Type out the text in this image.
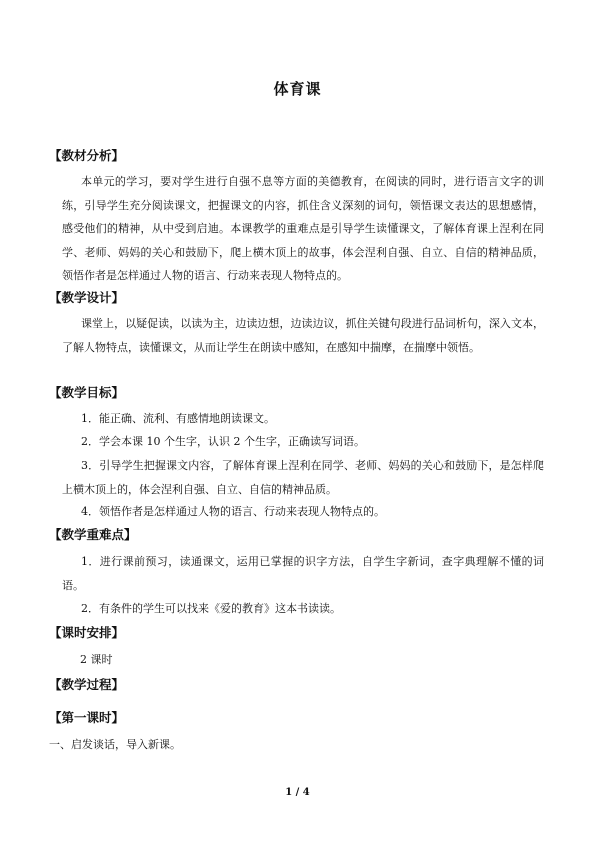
体育课
【教材分析】
本单元的学习，要对学生进行自强不息等方面的美德教育，在阅读的同时，进行语言文字的训练，引导学生充分阅读课文，把握课文的内容，抓住含义深刻的词句，领悟课文表达的思想感情，感受他们的精神，从中受到启迪。本课教学的重难点是引导学生读懂课文，了解体育课上涅利在同学、老师、妈妈的关心和鼓励下，爬上横木顶上的故事，体会涅利自强、自立、自信的精神品质，领悟作者是怎样通过人物的语言、行动来表现人物特点的。
【教学设计】
课堂上，以疑促读，以读为主，边读边想，边读边议，抓住关键句段进行品词析句，深入文本，了解人物特点，读懂课文，从而让学生在朗读中感知，在感知中揣摩，在揣摩中领悟。
【教学目标】
1．能正确、流利、有感情地朗读课文。
2．学会本课 10 个生字，认识 2 个生字，正确读写词语。
3．引导学生把握课文内容，了解体育课上涅利在同学、老师、妈妈的关心和鼓励下，是怎样爬上横木顶上的，体会涅利自强、自立、自信的精神品质。
4．领悟作者是怎样通过人物的语言、行动来表现人物特点的。
【教学重难点】
1．进行课前预习，读通课文，运用已掌握的识字方法，自学生字新词，查字典理解不懂的词语。
2．有条件的学生可以找来《爱的教育》这本书读读。
【课时安排】
2 课时
【教学过程】
【第一课时】
一、启发谈话，导入新课。
1 / 4
